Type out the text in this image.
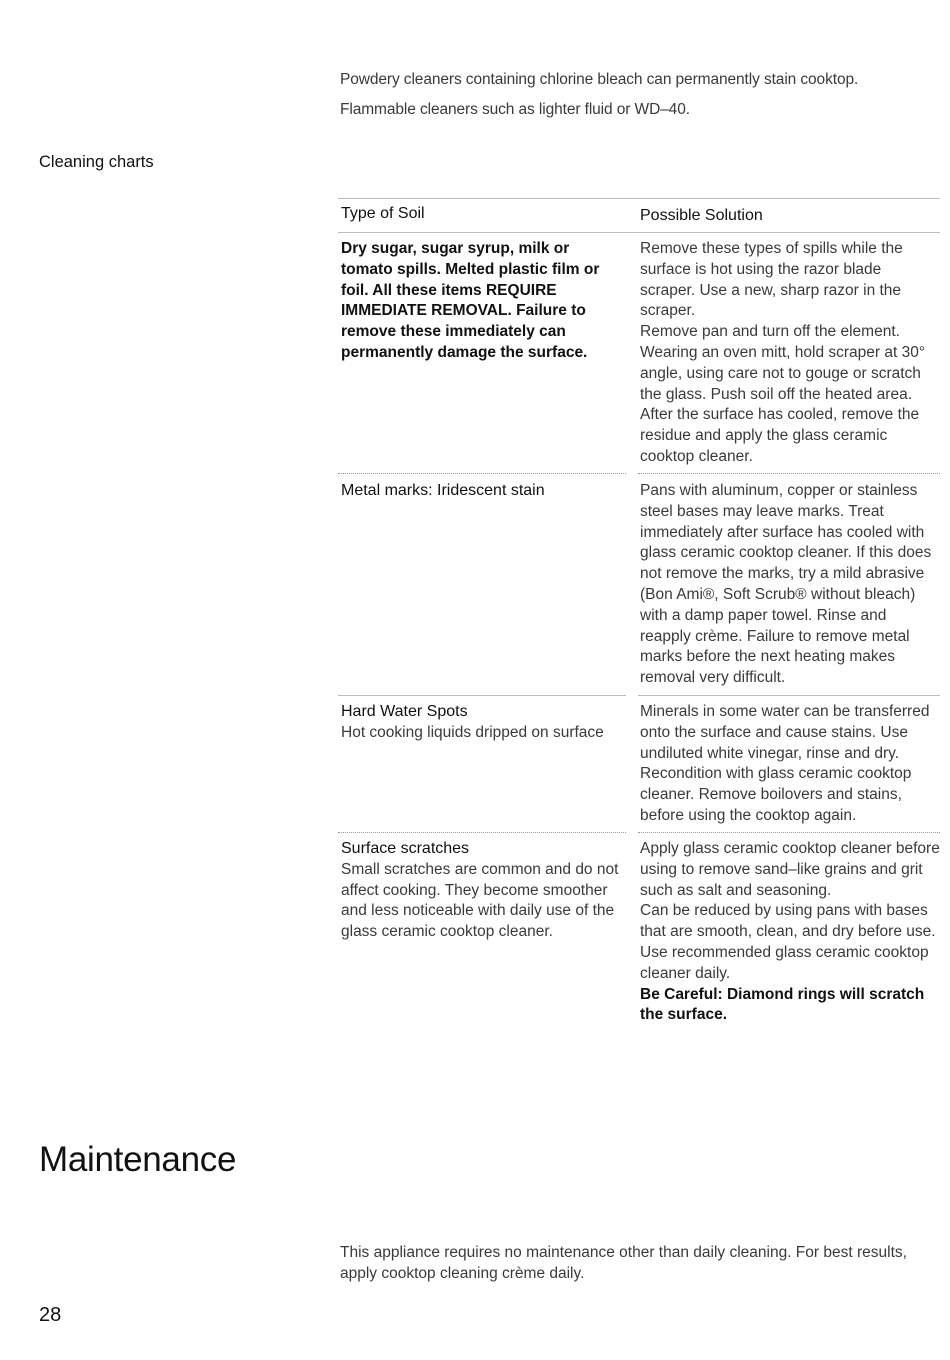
Powdery cleaners containing chlorine bleach can permanently stain cooktop.
Flammable cleaners such as lighter fluid or WD–40.
Cleaning charts
Type of Soil	Possible Solution
Dry sugar, sugar syrup, milk or tomato spills. Melted plastic film or foil. All these items REQUIRE IMMEDIATE REMOVAL. Failure to remove these immediately can permanently damage the surface.
Remove these types of spills while the surface is hot using the razor blade scraper. Use a new, sharp razor in the scraper.
Remove pan and turn off the element. Wearing an oven mitt, hold scraper at 30° angle, using care not to gouge or scratch the glass. Push soil off the heated area. After the surface has cooled, remove the residue and apply the glass ceramic cooktop cleaner.
Metal marks: Iridescent stain	Pans with aluminum, copper or stainless steel bases may leave marks. Treat immediately after surface has cooled with glass ceramic cooktop cleaner. If this does not remove the marks, try a mild abrasive (Bon Ami®, Soft Scrub® without bleach) with a damp paper towel. Rinse and reapply crème. Failure to remove metal marks before the next heating makes removal very difficult.
Hard Water Spots
Hot cooking liquids dripped on surface
Minerals in some water can be transferred onto the surface and cause stains. Use undiluted white vinegar, rinse and dry. Recondition with glass ceramic cooktop cleaner. Remove boilovers and stains, before using the cooktop again.
Surface scratches
Small scratches are common and do not affect cooking. They become smoother and less noticeable with daily use of the glass ceramic cooktop cleaner.
Apply glass ceramic cooktop cleaner before using to remove sand–like grains and grit such as salt and seasoning.
Can be reduced by using pans with bases that are smooth, clean, and dry before use.
Use recommended glass ceramic cooktop cleaner daily.
Be Careful: Diamond rings will scratch the surface.
Maintenance
This appliance requires no maintenance other than daily cleaning. For best results, apply cooktop cleaning crème daily.
28
